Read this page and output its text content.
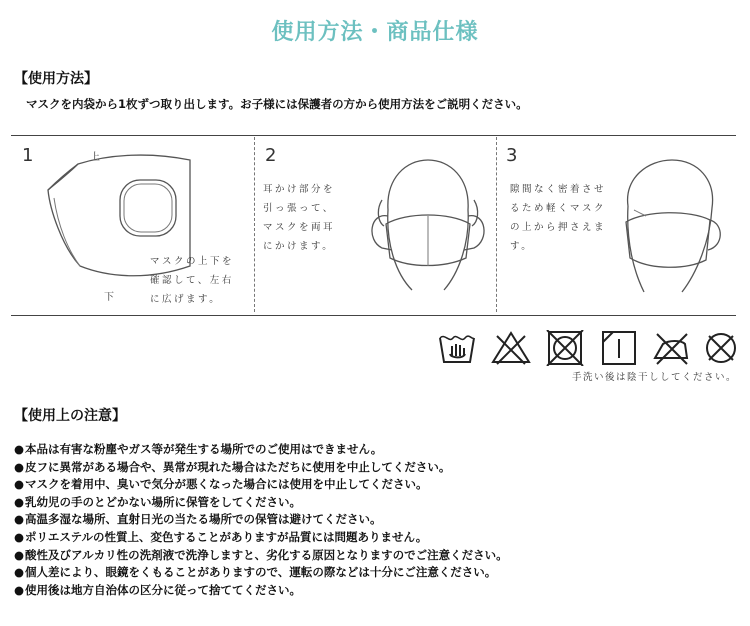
使用方法・商品仕様
【使用方法】
マスクを内袋から1枚ずつ取り出します。お子様には保護者の方から使用方法をご説明ください。
1	上
下
マスクの上下を
確認して、左右
に広げます。
2
耳かけ部分を
引っ張って、
マスクを両耳
にかけます。
3
隙間なく密着させ
るため軽くマスク
の上から押さえま
す。
手洗い後は陰干ししてください。
【使用上の注意】
● 本品は有害な粉塵やガス等が発生する場所でのご使用はできません。
● 皮フに異常がある場合や、異常が現れた場合はただちに使用を中止してください。
● マスクを着用中、臭いで気分が悪くなった場合には使用を中止してください。
● 乳幼児の手のとどかない場所に保管をしてください。
● 高温多湿な場所、直射日光の当たる場所での保管は避けてください。
● ポリエステルの性質上、変色することがありますが品質には問題ありません。
● 酸性及びアルカリ性の洗剤液で洗浄しますと、劣化する原因となりますのでご注意ください。
● 個人差により、眼鏡をくもることがありますので、運転の際などは十分にご注意ください。
● 使用後は地方自治体の区分に従って捨ててください。
